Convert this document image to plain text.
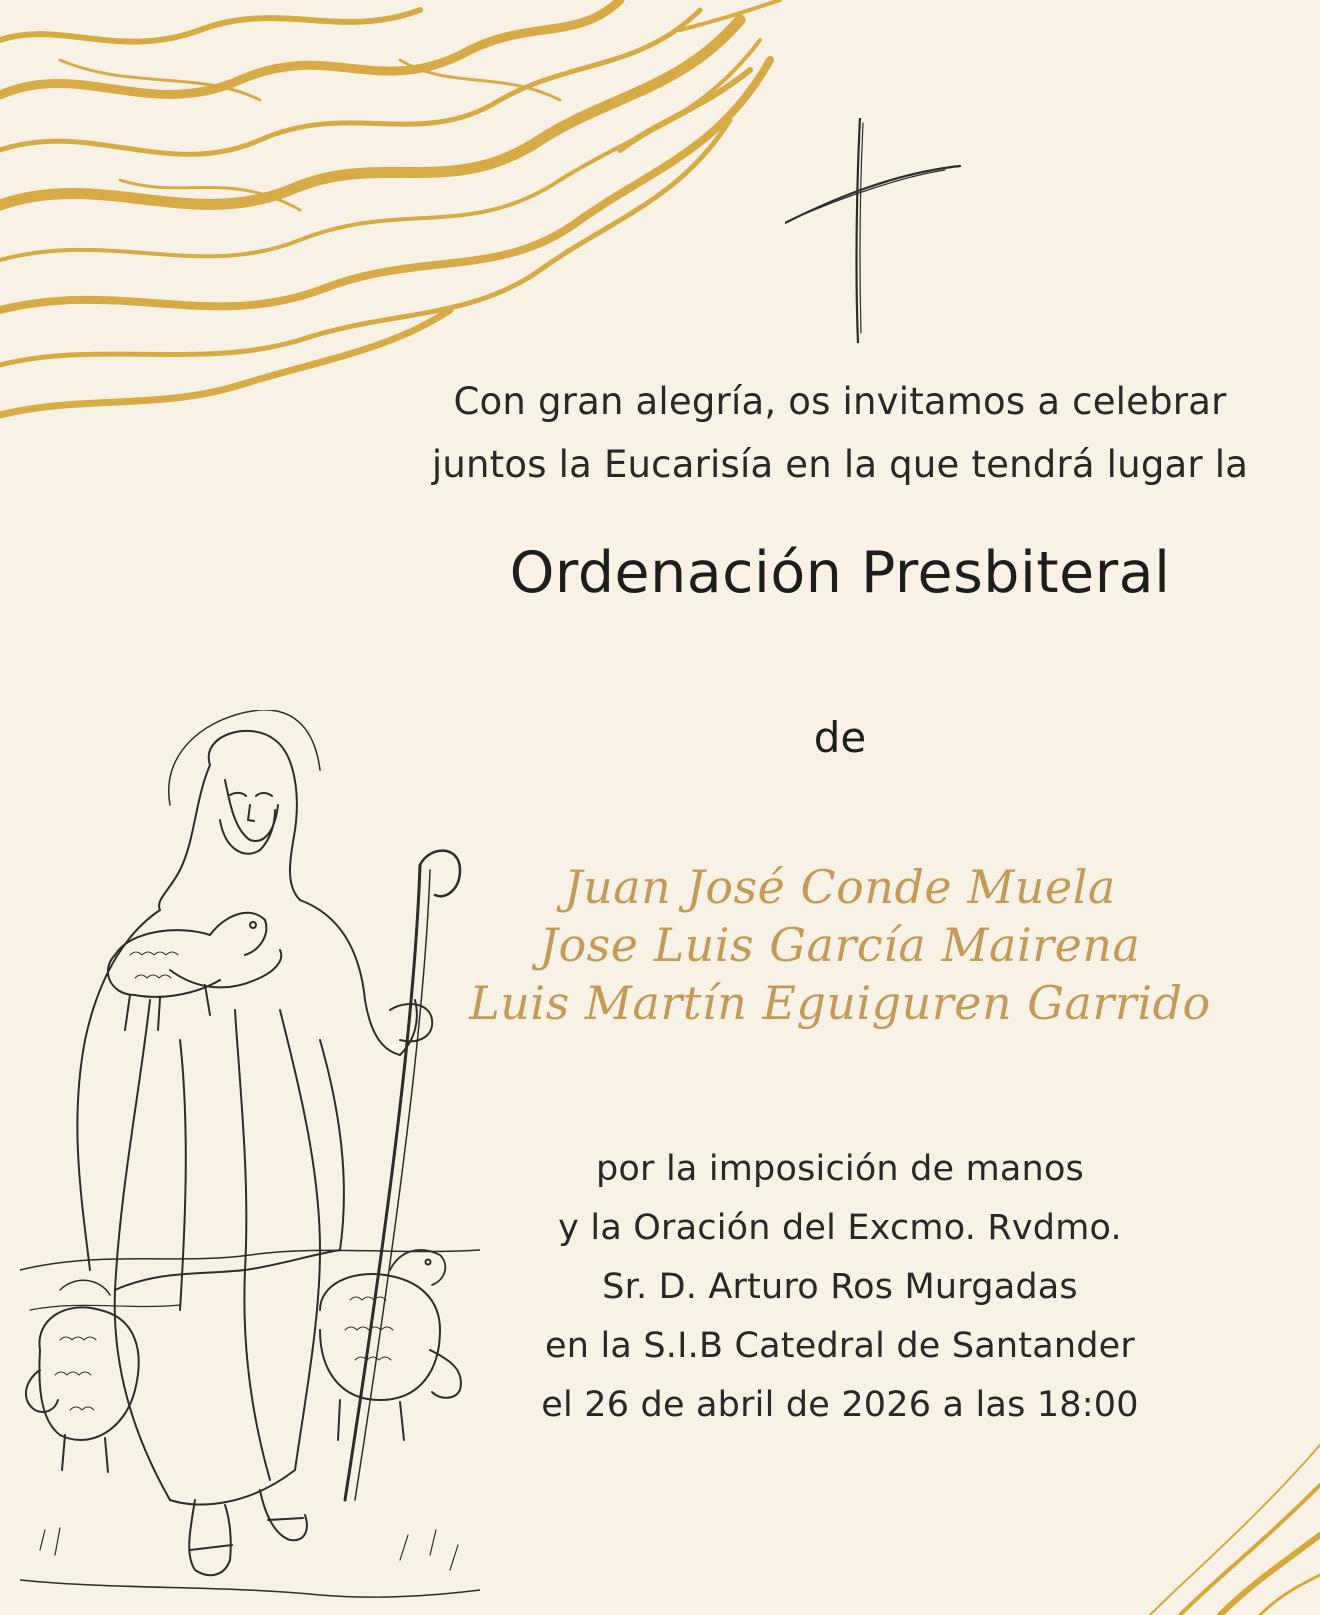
Con gran alegría, os invitamos a celebrar
juntos la Eucarisía en la que tendrá lugar la
Ordenación Presbiteral
de
Juan José Conde Muela
Jose Luis García Mairena
Luis Martín Eguiguren Garrido
por la imposición de manos
y la Oración del Excmo. Rvdmo.
Sr. D. Arturo Ros Murgadas
en la S.I.B Catedral de Santander
el 26 de abril de 2026 a las 18:00
